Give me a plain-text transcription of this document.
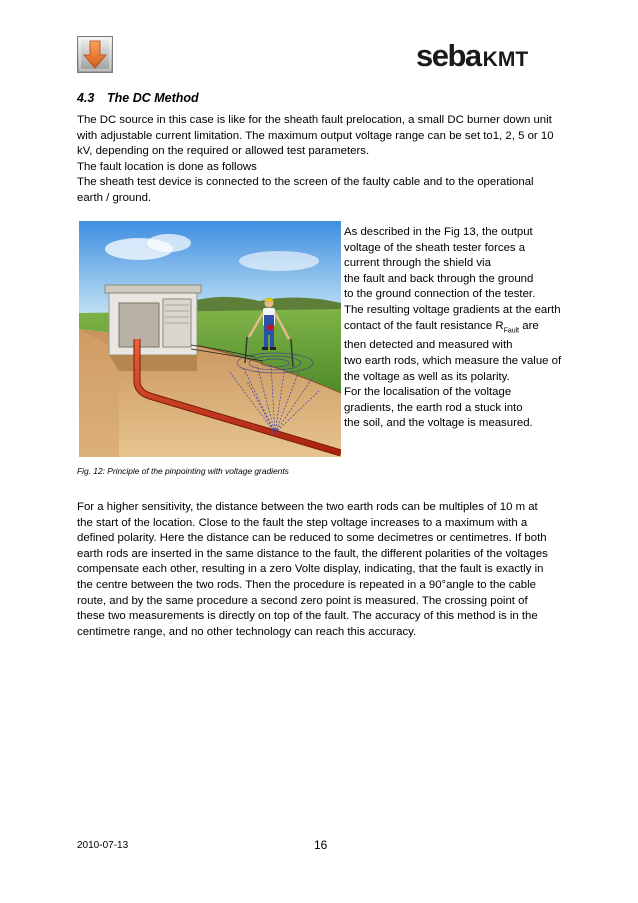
sebaKMT
4.3 The DC Method

The DC source in this case is like for the sheath fault prelocation, a small DC burner down unit

with adjustable current limitation. The maximum output voltage range can be set to1, 2, 5 or 10

kV, depending on the required or allowed test parameters.

The fault location is done as follows

The sheath test device is connected to the screen of the faulty cable and to the operational

earth / ground.

As described in the Fig 13, the output

voltage of the sheath tester forces a

current through the shield via

the fault and back through the ground

to the ground connection of the tester.

The resulting voltage gradients at the earth

contact of the fault resistance $R_{Fault}$ are

then detected and measured with

two earth rods, which measure the value of

the voltage as well as its polarity.

For the localisation of the voltage

gradients, the earth rod a stuck into

the soil, and the voltage is measured.

Fig. 12: Principle of the pinpointing with voltage gradients

For a higher sensitivity, the distance between the two earth rods can be multiples of 10 m at

the start of the location. Close to the fault the step voltage increases to a maximum with a

defined polarity. Here the distance can be reduced to some decimetres or centimetres. If both

earth rods are inserted in the same distance to the fault, the different polarities of the voltages

compensate each other, resulting in a zero Volte display, indicating, that the fault is exactly in

the centre between the two rods. Then the procedure is repeated in a 90°angle to the cable

route, and by the same procedure a second zero point is measured. The crossing point of

these two measurements is directly on top of the fault. The accuracy of this method is in the

centimetre range, and no other technology can reach this accuracy.

2010-07-13	16
